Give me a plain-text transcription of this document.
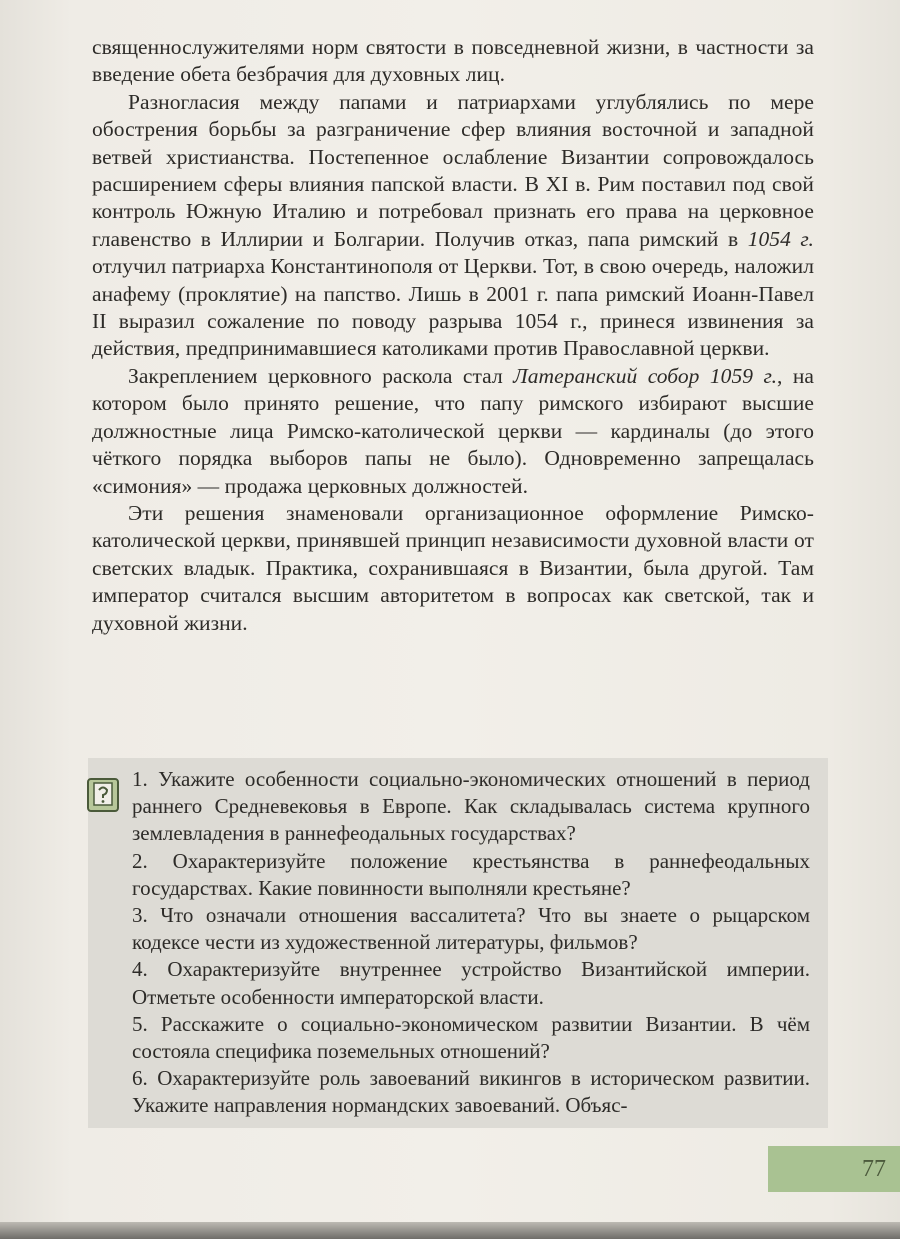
священнослужителями норм святости в повседневной жизни, в частности за введение обета безбрачия для духовных лиц.

Разногласия между папами и патриархами углублялись по мере обострения борьбы за разграничение сфер влияния восточной и западной ветвей христианства. Постепенное ослабление Византии сопровождалось расширением сферы влияния папской власти. В XI в. Рим поставил под свой контроль Южную Италию и потребовал признать его права на церковное главенство в Иллирии и Болгарии. Получив отказ, папа римский в 1054 г. отлучил патриарха Константинополя от Церкви. Тот, в свою очередь, наложил анафему (проклятие) на папство. Лишь в 2001 г. папа римский Иоанн-Павел II выразил сожаление по поводу разрыва 1054 г., принеся извинения за действия, предпринимавшиеся католиками против Православной церкви.

Закреплением церковного раскола стал Латеранский собор 1059 г., на котором было принято решение, что папу римского избирают высшие должностные лица Римско-католической церкви — кардиналы (до этого чёткого порядка выборов папы не было). Одновременно запрещалась «симония» — продажа церковных должностей.

Эти решения знаменовали организационное оформление Римско-католической церкви, принявшей принцип независимости духовной власти от светских владык. Практика, сохранившаяся в Византии, была другой. Там император считался высшим авторитетом в вопросах как светской, так и духовной жизни.

1. Укажите особенности социально-экономических отношений в период раннего Средневековья в Европе. Как складывалась система крупного землевладения в раннефеодальных государствах?

2. Охарактеризуйте положение крестьянства в раннефеодальных государствах. Какие повинности выполняли крестьяне?

3. Что означали отношения вассалитета? Что вы знаете о рыцарском кодексе чести из художественной литературы, фильмов?

4. Охарактеризуйте внутреннее устройство Византийской империи. Отметьте особенности императорской власти.

5. Расскажите о социально-экономическом развитии Византии. В чём состояла специфика поземельных отношений?

6. Охарактеризуйте роль завоеваний викингов в историческом развитии. Укажите направления нормандских завоеваний. Объяс-

77
